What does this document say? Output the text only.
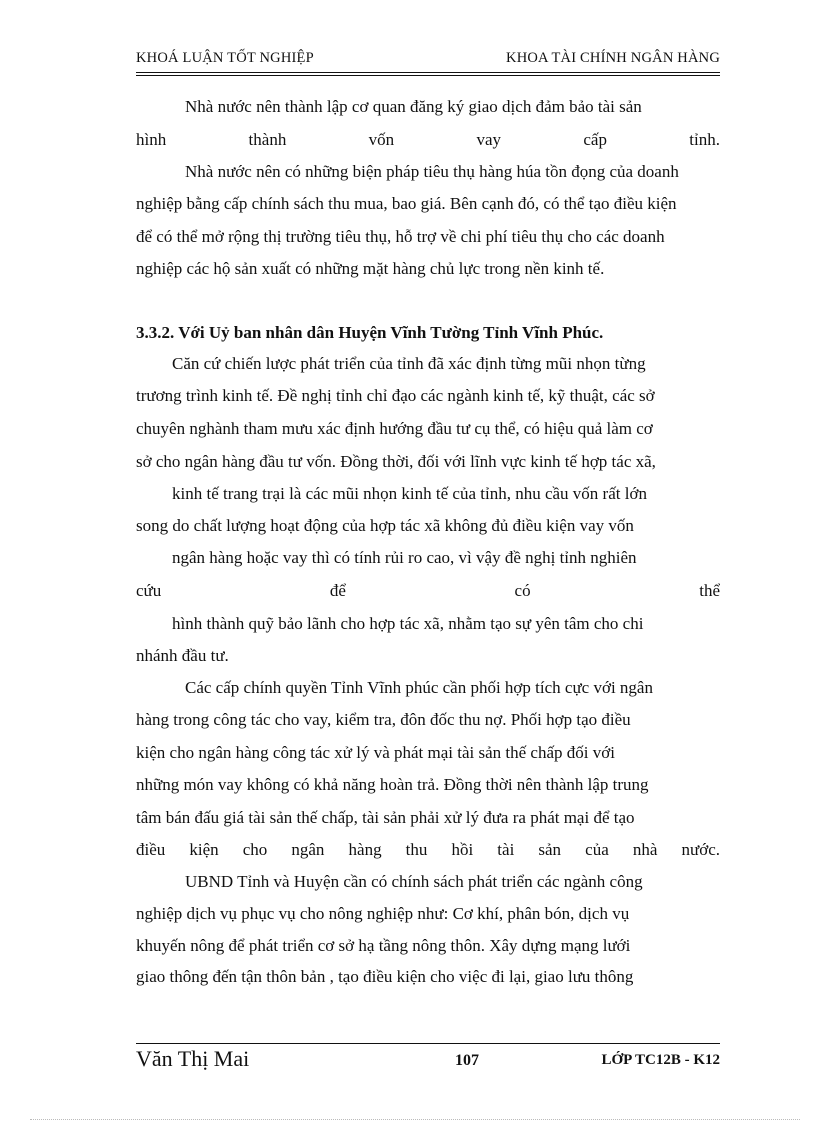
KHOÁ LUẬN TỐT NGHIỆP	KHOA TÀI CHÍNH NGÂN HÀNG
Nhà nước nên thành lập cơ quan đăng ký giao dịch đảm bảo tài sản
hình thành vốn vay cấp tỉnh.
Nhà nước nên có những biện pháp tiêu thụ hàng húa tồn đọng của doanh
nghiệp bằng cấp chính sách thu mua, bao giá. Bên cạnh đó, có thể tạo điều kiện
để có thể mở rộng thị trường tiêu thụ, hỗ trợ về chi phí tiêu thụ cho các doanh
nghiệp các hộ sản xuất có những mặt hàng chủ lực trong nền kinh tế.
3.3.2. Với Uỷ ban nhân dân Huyện Vĩnh Tường Tỉnh Vĩnh Phúc.
Căn cứ chiến lược phát triển của tỉnh đã xác định từng mũi nhọn từng
trương trình kinh tế. Đề nghị tỉnh chỉ đạo các ngành kinh tế, kỹ thuật, các sở
chuyên nghành tham mưu xác định hướng đầu tư cụ thể, có hiệu quả làm cơ
sở cho ngân hàng đầu tư vốn. Đồng thời, đối với lĩnh vực kinh tế hợp tác xã,
kinh tế trang trại là các mũi nhọn kinh tế của tỉnh, nhu cầu vốn rất lớn
song do chất lượng hoạt động của hợp tác xã không đủ điều kiện vay vốn
ngân hàng hoặc vay thì có tính rủi ro cao, vì vậy đề nghị tỉnh nghiên
cứu để có thể
hình thành quỹ bảo lãnh cho hợp tác xã, nhằm tạo sự yên tâm cho chi
nhánh đầu tư.
Các cấp chính quyền Tỉnh Vĩnh phúc cần phối hợp tích cực với ngân
hàng trong công tác cho vay, kiểm tra, đôn đốc thu nợ. Phối hợp tạo điều
kiện cho ngân hàng công tác xử lý và phát mại tài sản thế chấp đối với
những món vay không có khả năng hoàn trả. Đồng thời nên thành lập trung
tâm bán đấu giá tài sản thế chấp, tài sản phải xử lý đưa ra phát mại để tạo
điều kiện cho ngân hàng thu hồi tài sản của nhà nước.
UBND Tỉnh và Huyện cần có chính sách phát triển các ngành công
nghiệp dịch vụ phục vụ cho nông nghiệp như: Cơ khí, phân bón, dịch vụ
khuyến nông để phát triển cơ sở hạ tầng nông thôn. Xây dựng mạng lưới
giao thông đến tận thôn bản , tạo điều kiện cho việc đi lại, giao lưu thông
Văn Thị Mai	107	LỚP TC12B - K12
